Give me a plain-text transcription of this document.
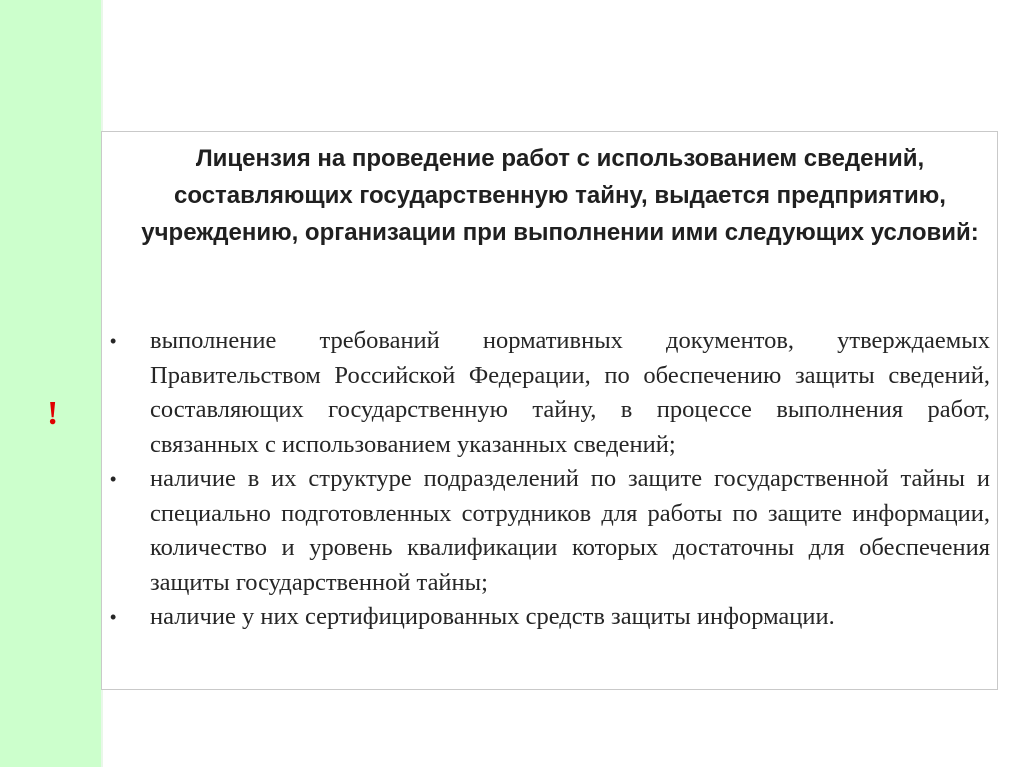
!

Лицензия на проведение работ с использованием сведений, составляющих государственную тайну, выдается предприятию, учреждению, организации при выполнении ими следующих условий:

• выполнение требований нормативных документов, утверждаемых Правительством Российской Федерации, по обеспечению защиты сведений, составляющих государственную тайну, в процессе выполнения работ, связанных с использованием указанных сведений;
• наличие в их структуре подразделений по защите государственной тайны и специально подготовленных сотрудников для работы по защите информации, количество и уровень квалификации которых достаточны для обеспечения защиты государственной тайны;
• наличие у них сертифицированных средств защиты информации.
